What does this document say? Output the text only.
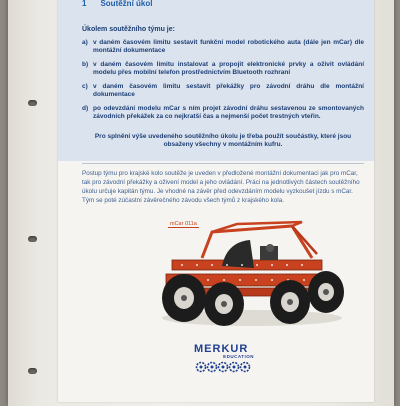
1 Soutěžní úkol

Úkolem soutěžního týmu je:

a) v daném časovém limitu sestavit funkční model robotického auta (dále jen mCar) dle montážní dokumentace
b) v daném časovém limitu instalovat a propojit elektronické prvky a oživit ovládání modelu přes mobilní telefon prostřednictvím Bluetooth rozhraní
c) v daném časovém limitu sestavit překážky pro závodní dráhu dle montážní dokumentace
d) po odevzdání modelu mCar s ním projet závodní dráhu sestavenou ze smontovaných závodních překážek za co nejkratší čas a nejmenší počet trestných vteřin.

Pro splnění výše uvedeného soutěžního úkolu je třeba použít součástky, které jsou obsaženy všechny v montážním kufru.

Postup týmu pro krajské kolo soutěže je uveden v předložené montážní dokumentaci jak pro mCar, tak pro závodní překážky a oživení model a jeho ovládání. Práci na jednotlivých částech soutěžního úkolu určuje kapitán týmu. Je vhodné na závěr před odevzdáním modelu vyzkoušet jízdu s mCar. Tým se poté zúčastní závěrečného závodu všech týmů z krajského kola.

mCar 011a
MERKUR
EDUCATION
